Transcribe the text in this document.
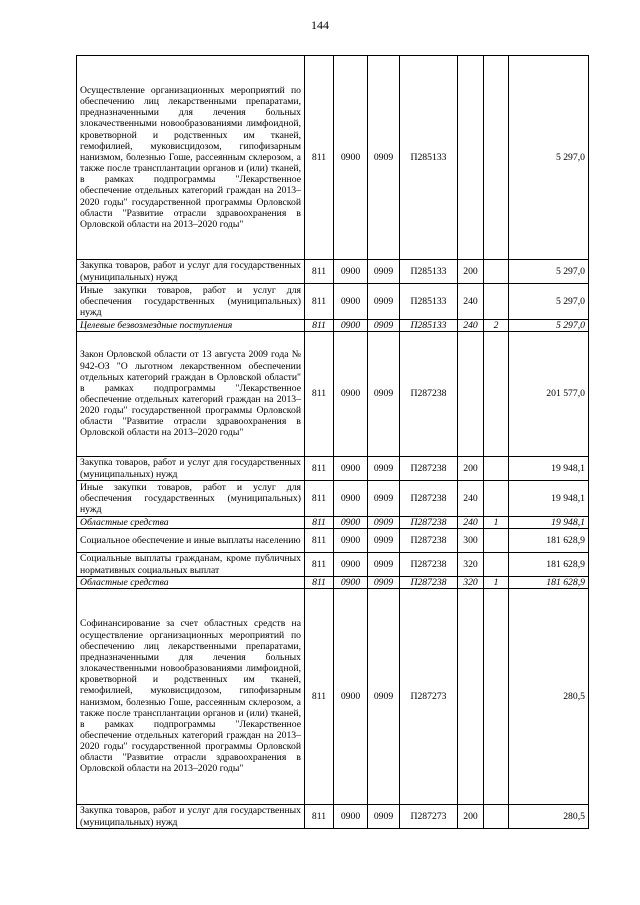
144
Осуществление организационных мероприятий по обеспечению лиц лекарственными препаратами, предназначенными для лечения больных злокачественными новообразованиями лимфоидной, кроветворной и родственных им тканей, гемофилией, муковисцидозом, гипофизарным нанизмом, болезнью Гоше, рассеянным склерозом, а также после трансплантации органов и (или) тканей, в рамках подпрограммы "Лекарственное обеспечение отдельных категорий граждан на 2013–2020 годы" государственной программы Орловской области "Развитие отрасли здравоохранения в Орловской области на 2013–2020 годы"	811	0900	0909	П285133			5 297,0
Закупка товаров, работ и услуг для государственных (муниципальных) нужд	811	0900	0909	П285133	200		5 297,0
Иные закупки товаров, работ и услуг для обеспечения государственных (муниципальных) нужд	811	0900	0909	П285133	240		5 297,0
Целевые безвозмездные поступления	811	0900	0909	П285133	240	2	5 297,0
Закон Орловской области от 13 августа 2009 года № 942-ОЗ "О льготном лекарственном обеспечении отдельных категорий граждан в Орловской области" в рамках подпрограммы "Лекарственное обеспечение отдельных категорий граждан на 2013–2020 годы" государственной программы Орловской области "Развитие отрасли здравоохранения в Орловской области на 2013–2020 годы"	811	0900	0909	П287238			201 577,0
Закупка товаров, работ и услуг для государственных (муниципальных) нужд	811	0900	0909	П287238	200		19 948,1
Иные закупки товаров, работ и услуг для обеспечения государственных (муниципальных) нужд	811	0900	0909	П287238	240		19 948,1
Областные средства	811	0900	0909	П287238	240	1	19 948,1
Социальное обеспечение и иные выплаты населению	811	0900	0909	П287238	300		181 628,9
Социальные выплаты гражданам, кроме публичных нормативных социальных выплат	811	0900	0909	П287238	320		181 628,9
Областные средства	811	0900	0909	П287238	320	1	181 628,9
Софинансирование за счет областных средств на осуществление организационных мероприятий по обеспечению лиц лекарственными препаратами, предназначенными для лечения больных злокачественными новообразованиями лимфоидной, кроветворной и родственных им тканей, гемофилией, муковисцидозом, гипофизарным нанизмом, болезнью Гоше, рассеянным склерозом, а также после трансплантации органов и (или) тканей, в рамках подпрограммы "Лекарственное обеспечение отдельных категорий граждан на 2013–2020 годы" государственной программы Орловской области "Развитие отрасли здравоохранения в Орловской области на 2013–2020 годы"	811	0900	0909	П287273			280,5
Закупка товаров, работ и услуг для государственных (муниципальных) нужд	811	0900	0909	П287273	200		280,5
